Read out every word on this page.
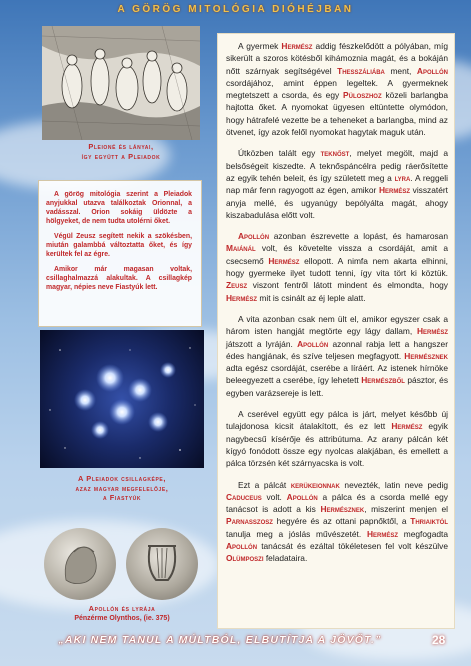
A GÖRÖG MITOLÓGIA DIÓHÉJBAN
Pleioné és lányai,
így együtt a Pleiadok

A görög mitológia szerint a Pleiadok anyjukkal utazva találkoztak Orionnal, a vadásszal. Orion sokáig üldözte a hölgyeket, de nem tudta utolérni őket.

Végül Zeusz segített nekik a szökésben, miután galambbá változtatta őket, és így kerültek fel az égre.

Amikor már magasan voltak, csillaghalmazzá alakultak. A csillagkép magyar, népies neve Fiastyúk lett.

A Pleiadok csillagképe,
azaz magyar megfelelője,
a Fiastyúk
Apollón és lyrája
Pénzérme Olynthos, (ie. 375)

A gyermek Hermész addig fészkelődött a pólyában, míg sikerült a szoros kötésből kihámoznia magát, és a bokáján nőtt szárnyak segítségével Thesszáliába ment, Apollón csordájához, amint éppen legeltek. A gyermeknek megtetszett a csorda, és egy Püloszhoz közeli barlangba hajtotta őket. A nyomokat ügyesen eltüntette olymódon, hogy hátrafelé vezette be a teheneket a barlangba, mind az ötvenet, így azok felől nyomokat hagytak maguk után.

Útközben talált egy teknőst, melyet megölt, majd a belsőségeit kiszedte. A teknőspáncélra pedig ráerősítette az egyik tehén beleit, és így született meg a lyra. A reggeli nap már fenn ragyogott az égen, amikor Hermész visszatért anyja mellé, és ugyanúgy bepólyálta magát, ahogy kiszabadulása előtt volt.

Apollón azonban észrevette a lopást, és hamarosan Maiánál volt, és követelte vissza a csordáját, amit a csecsemő Hermész ellopott. A nimfa nem akarta elhinni, hogy gyermeke ilyet tudott tenni, így vita tört ki köztük. Zeusz viszont fentről látott mindent és elmondta, hogy Hermész mit is csinált az éj leple alatt.

A vita azonban csak nem ült el, amikor egyszer csak a három isten hangját megtörte egy lágy dallam, Hermész játszott a lyráján. Apollón azonnal rabja lett a hangszer édes hangjának, és szíve teljesen megfagyott. Hermésznek adta egész csordáját, cserébe a líráért. Az istenek hírnöke beleegyezett a cserébe, így lehetett Hermészből pásztor, és egyben varázsereje is lett.

A cserével együtt egy pálca is járt, melyet később új tulajdonosa kicsit átalakított, és ez lett Hermész egyik nagybecsű kísérője és attribútuma. Az arany pálcán két kígyó fonódott össze egy nyolcas alakjában, és emellett a pálca törzsén két szárnyacska is volt.

Ezt a pálcát kerükeionnak nevezték, latin neve pedig Caduceus volt. Apollón a pálca és a csorda mellé egy tanácsot is adott a kis Hermésznek, miszerint menjen el Parnasszosz hegyére és az ottani papnőktől, a Thriaiktól tanulja meg a jóslás művészetét. Hermész megfogadta Apollón tanácsát és ezáltal tökéletesen fel volt készülve Olümposzi feladataira.

„AKI NEM TANUL A MÚLTBÓL, ELBUTÍTJA A JÖVŐT.”	28
